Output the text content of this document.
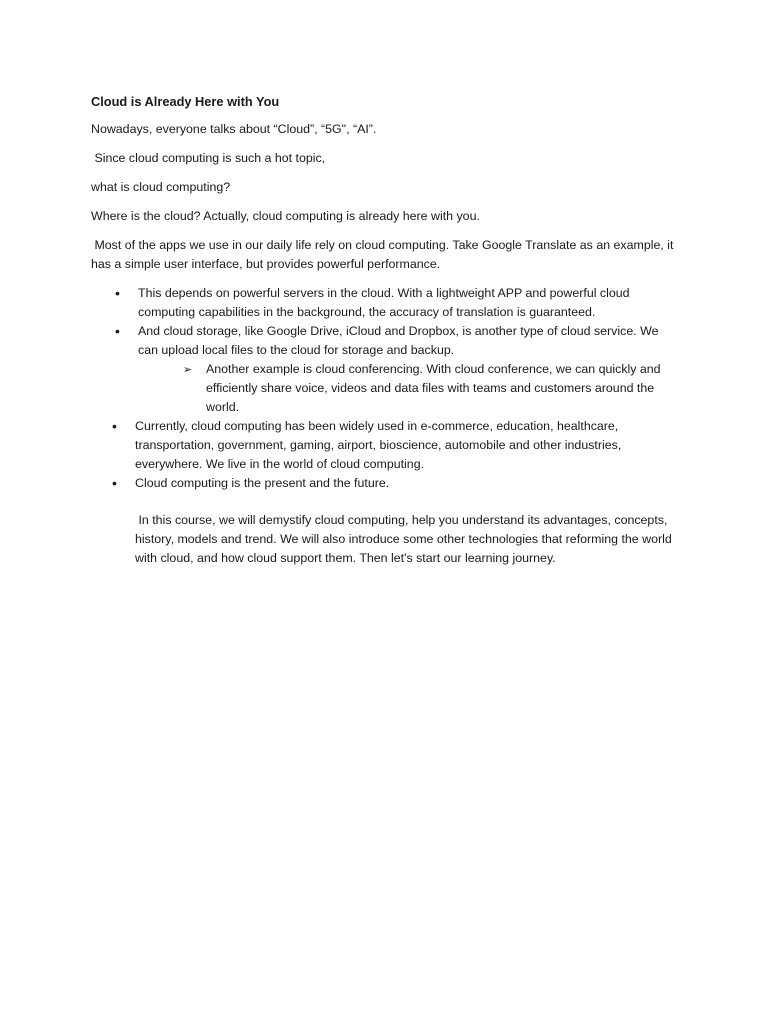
Cloud is Already Here with You

Nowadays, everyone talks about “Cloud”, “5G", “AI”.

Since cloud computing is such a hot topic,

what is cloud computing?

Where is the cloud? Actually, cloud computing is already here with you.

Most of the apps we use in our daily life rely on cloud computing. Take Google Translate as an example, it has a simple user interface, but provides powerful performance.

•	This depends on powerful servers in the cloud. With a lightweight APP and powerful cloud computing capabilities in the background, the accuracy of translation is guaranteed.
•	And cloud storage, like Google Drive, iCloud and Dropbox, is another type of cloud service. We can upload local files to the cloud for storage and backup.
➢ Another example is cloud conferencing. With cloud conference, we can quickly and efficiently share voice, videos and data files with teams and customers around the world.
•	Currently, cloud computing has been widely used in e-commerce, education, healthcare, transportation, government, gaming, airport, bioscience, automobile and other industries, everywhere. We live in the world of cloud computing.
•	Cloud computing is the present and the future.
In this course, we will demystify cloud computing, help you understand its advantages, concepts, history, models and trend. We will also introduce some other technologies that reforming the world with cloud, and how cloud support them. Then let's start our learning journey.
